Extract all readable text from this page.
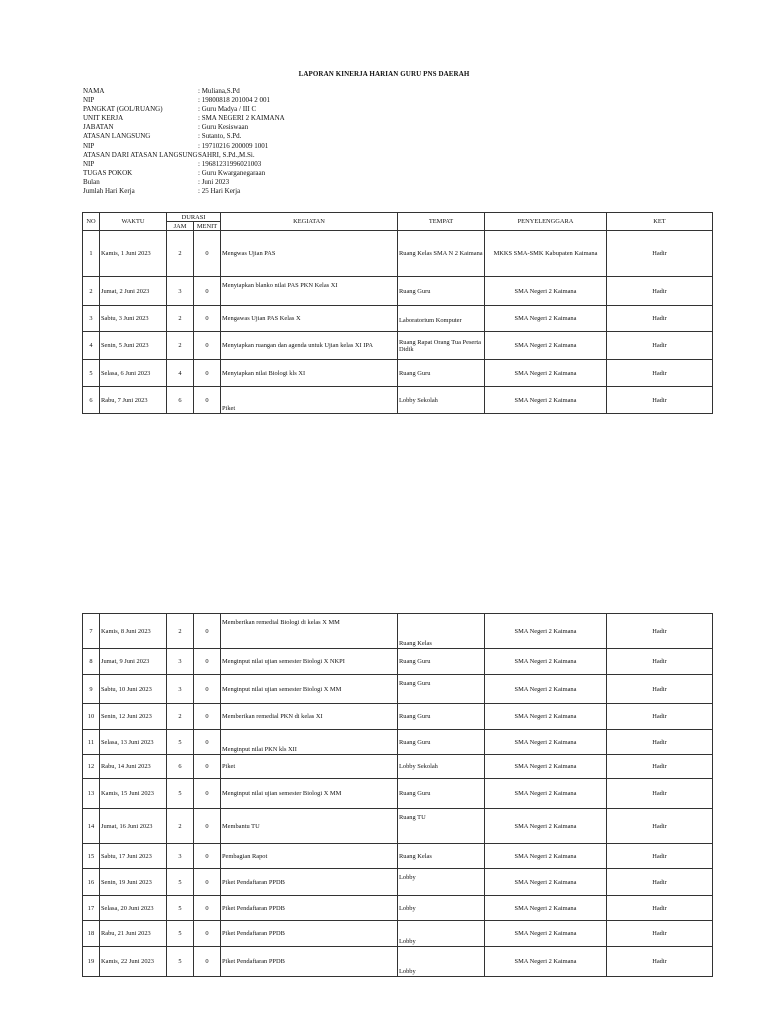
LAPORAN KINERJA HARIAN GURU PNS DAERAH
NAMA	: Muliana,S.Pd
NIP	: 19800818 201004 2 001
PANGKAT (GOL/RUANG)	: Guru Madya / III C
UNIT KERJA	: SMA NEGERI 2 KAIMANA
JABATAN	: Guru Kesiswaan
ATASAN LANGSUNG	: Sutanto, S.Pd.
NIP	: 19710216 200009 1001
ATASAN DARI ATASAN LANGSUNG SAHRI, S.Pd.,M.Si.
NIP	: 19681231996021003
TUGAS POKOK	: Guru Kwarganegaraan
Bulan	: Juni 2023
Jumlah Hari Kerja	: 25 Hari Kerja
NO	WAKTU	DURASI		KEGIATAN	TEMPAT	PENYELENGGARA	KET
		JAM	MENIT				
1	Kamis, 1 Juni 2023	2	0	Mengwas Ujian PAS	Ruang Kelas SMA N 2 Kaimana	MKKS SMA-SMK Kabupaten Kaimana	Hadir
2	Jumat, 2 Juni 2023	3	0	Menyiapkan blanko nilai PAS PKN Kelas XI	Ruang Guru	SMA Negeri 2 Kaimana	Hadir
3	Sabtu, 3 Juni 2023	2	0	Mengawas Ujian PAS Kelas X	Laboratorium Komputer	SMA Negeri 2 Kaimana	Hadir
4	Senin, 5 Juni 2023	2	0	Menyiapkan ruangan dan agenda untuk Ujian kelas XI IPA	Ruang Rapat Orang Tua Peserta Didik	SMA Negeri 2 Kaimana	Hadir
5	Selasa, 6 Juni 2023	4	0	Menyiapkan nilai Biologi kls XI	Ruang Guru	SMA Negeri 2 Kaimana	Hadir
6	Rabu, 7 Juni 2023	6	0	Piket	Lobby Sekolah	SMA Negeri 2 Kaimana	Hadir
7	Kamis, 8 Juni 2023	2	0	Memberikan remedial Biologi di kelas X MM	Ruang Kelas	SMA Negeri 2 Kaimana	Hadir
8	Jumat, 9 Juni 2023	3	0	Menginput nilai ujian semester Biologi X NKPI	Ruang Guru	SMA Negeri 2 Kaimana	Hadir
9	Sabtu, 10 Juni 2023	3	0	Menginput nilai ujian semester Biologi X MM	Ruang Guru	SMA Negeri 2 Kaimana	Hadir
10	Senin, 12 Juni 2023	2	0	Memberikan remedial PKN di kelas XI	Ruang Guru	SMA Negeri 2 Kaimana	Hadir
11	Selasa, 13 Juni 2023	5	0	Menginput nilai PKN kls XII	Ruang Guru	SMA Negeri 2 Kaimana	Hadir
12	Rabu, 14 Juni 2023	6	0	Piket	Lobby Sekolah	SMA Negeri 2 Kaimana	Hadir
13	Kamis, 15 Juni 2023	5	0	Menginput nilai ujian semester Biologi X MM	Ruang Guru	SMA Negeri 2 Kaimana	Hadir
14	Jumat, 16 Juni 2023	2	0	Membantu TU	Ruang TU	SMA Negeri 2 Kaimana	Hadir
15	Sabtu, 17 Juni 2023	3	0	Pembagian Rapot	Ruang Kelas	SMA Negeri 2 Kaimana	Hadir
16	Senin, 19 Juni 2023	5	0	Piket Pendaftaran PPDB	Lobby	SMA Negeri 2 Kaimana	Hadir
17	Selasa, 20 Juni 2023	5	0	Piket Pendaftaran PPDB	Lobby	SMA Negeri 2 Kaimana	Hadir
18	Rabu, 21 Juni 2023	5	0	Piket Pendaftaran PPDB	Lobby	SMA Negeri 2 Kaimana	Hadir
19	Kamis, 22 Juni 2023	5	0	Piket Pendaftaran PPDB	Lobby	SMA Negeri 2 Kaimana	Hadir
